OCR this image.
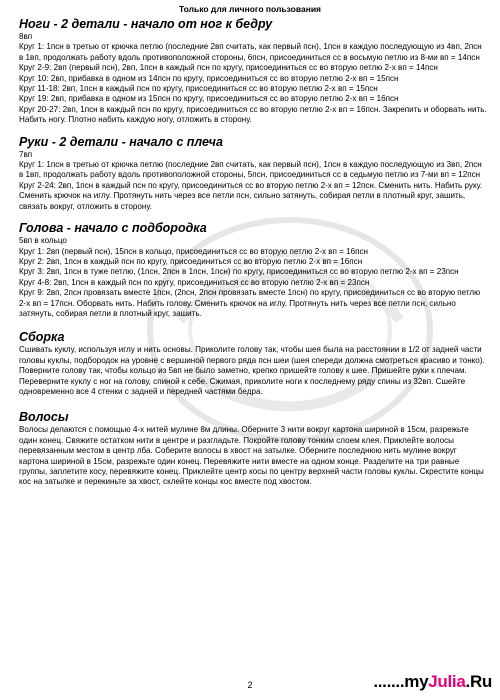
Только для личного пользования
Ноги - 2 детали - начало от ног к бедру

8вп

Круг 1: 1псн в третью от крючка петлю (последние 2вп считать, как первый псн), 1псн в каждую последующую из 4вп, 2псн в 1вп, продолжать работу вдоль противоположной стороны, 6псн, присоединиться сс в восьмую петлю из 8-ми вп = 14псн

Круг 2-9: 2вп (первый псн), 2вп, 1псн в каждый псн по кругу, присоединиться сс во вторую петлю 2-х вп = 14псн

Круг 10: 2вп, прибавка в одном из 14псн по кругу, присоединиться сс во вторую петлю 2-х вп = 15псн

Круг 11-18: 2вп, 1псн в каждый псн по кругу, присоединиться сс во вторую петлю 2-х вп = 15псн

Круг 19: 2вп, прибавка в одном из 15псн по кругу, присоединиться сс во вторую петлю 2-х вп = 16псн

Круг 20-27: 2вп, 1псн в каждый псн по кругу, присоединиться сс во вторую петлю 2-х вп = 16псн. Закрепить и оборвать нить. Набить ногу. Плотно набить каждую ногу, отложить в сторону.

Руки - 2 детали - начало с плеча

7вп

Круг 1: 1псн в третью от крючка петлю (последние 2вп считать, как первый псн), 1псн в каждую последующую из 3вп, 2псн в 1вп, продолжать работу вдоль противоположной стороны, 5псн, присоединиться сс в седьмую петлю из 7-ми вп = 12псн

Круг 2-24: 2вп, 1псн в каждый псн по кругу, присоединиться сс во вторую петлю 2-х вп = 12псн. Сменить нить. Набить руку. Сменить крючок на иглу. Протянуть нить через все петли псн, сильно затянуть, собирая петли в плотный круг, зашить, связать вокруг, отложить в сторону.

Голова - начало с подбородка

5вп в кольцо

Круг 1: 2вп (первый псн), 15псн в кольцо, присоединиться сс во вторую петлю 2-х вп = 16псн

Круг 2: 2вп, 1псн в каждый псн по кругу, присоединиться сс во вторую петлю 2-х вп = 16псн

Круг 3: 2вп, 1псн в туже петлю, (1псн, 2псн в 1псн, 1псн) по кругу, присоединиться сс во вторую петлю 2-х вп = 23псн

Круг 4-8: 2вп, 1псн в каждый псн по кругу, присоединиться сс во вторую петлю 2-х вп = 23псн

Круг 9: 2вп, 2псн провязать вместе 1псн, (2псн, 2псн провязать вместе 1псн) по кругу, присоединиться сс во вторую петлю 2-х вп = 17псн. Оборвать нить. Набить голову. Сменить крючок на иглу. Протянуть нить через все петли псн, сильно затянуть, собирая петли в плотный круг, зашить.

Сборка

Сшивать куклу, используя иглу и нить основы. Приколите голову так, чтобы шея была на расстоянии в 1/2 от задней части головы куклы, подбородок на уровне с вершиной первого ряда псн шеи (шея спереди должна смотреться красиво и тонко). Поверните голову так, чтобы кольцо из 5вп не было заметно, крепко пришейте голову к шее. Пришейте руки к плечам. Переверните куклу с ног на голову, спиной к себе. Сжимая, приколите ноги к последнему ряду спины из 32вп. Сшейте одновременно все 4 стенки с задней и передней частями бедра.

Волосы

Волосы делаются с помощью 4-х нитей мулине 8м длины. Оберните 3 нити вокруг картона шириной в 15см, разрежьте один конец. Свяжите остатком нити в центре и разгладьте. Покройте голову тонким слоем клея. Приклейте волосы перевязанным местом в центр лба. Соберите волосы в хвост на затылке. Оберните последнюю нить мулине вокруг картона шириной в 15см, разрежьте один конец. Перевяжите нити вместе на одном конце. Разделите на три равные группы, заплетите косу, перевяжите конец. Приклейте центр косы по центру верхней части головы куклы. Скрестите концы кос на затылке и перекиньте за хвост, склейте концы кос вместе под хвостом.

2	.......myJulia.Ru
